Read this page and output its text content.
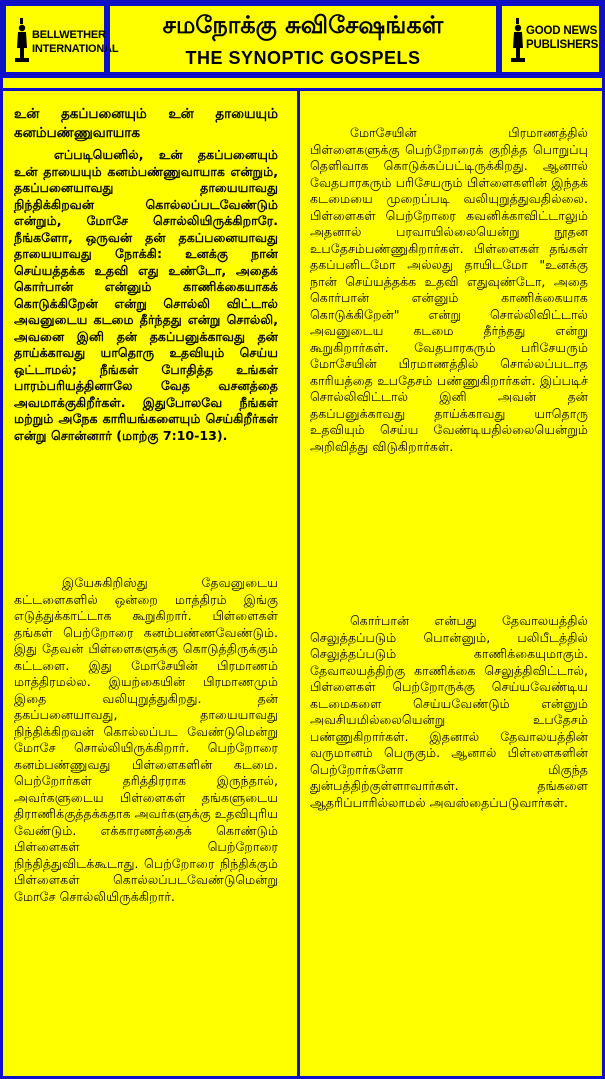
BELLWETHER
INTERNATIONAL
சமநோக்கு சுவிசேஷங்கள்
THE SYNOPTIC GOSPELS
GOOD NEWS
PUBLISHERS

உன் தகப்பனையும் உன் தாயையும் கனம்பண்ணுவாயாக

எப்படியெனில், உன் தகப்பனையும் உன் தாயையும் கனம்பண்ணுவாயாக என்றும், தகப்பனையாவது தாயையாவது நிந்திக்கிறவன் கொல்லப்படவேண்டும் என்றும், மோசே சொல்லியிருக்கிறாரே. நீங்களோ, ஒருவன் தன் தகப்பனையாவது தாயையாவது நோக்கி: உனக்கு நான் செய்யத்தக்க உதவி எது உண்டோ, அதைக் கொர்பான் என்னும் காணிக்கையாகக் கொடுக்கிறேன் என்று சொல்லி விட்டால் அவனுடைய கடமை தீர்ந்தது என்று சொல்லி, அவனை இனி தன் தகப்பனுக்காவது தன் தாய்க்காவது யாதொரு உதவியும் செய்ய ஒட்டாமல்; நீங்கள் போதித்த உங்கள் பாரம்பரியத்தினாலே வேத வசனத்தை அவமாக்குகிறீர்கள். இதுபோலவே நீங்கள் மற்றும் அநேக காரியங்களையும் செய்கிறீர்கள் என்று சொன்னார் (மாற்கு 7:10-13).

இயேசுகிறிஸ்து தேவனுடைய கட்டளைகளில் ஒன்றை மாத்திரம் இங்கு எடுத்துக்காட்டாக கூறுகிறார். பிள்ளைகள் தங்கள் பெற்றோரை கனம்பண்ணவேண்டும். இது தேவன் பிள்ளைகளுக்கு கொடுத்திருக்கும் கட்டளை. இது மோசேயின் பிரமாணம் மாத்திரமல்ல. இயற்கையின் பிரமாணமும் இதை வலியுறுத்துகிறது. தன் தகப்பனையாவது, தாயையாவது நிந்திக்கிறவன் கொல்லப்பட வேண்டுமென்று மோசே சொல்லியிருக்கிறார். பெற்றோரை கனம்பண்ணுவது பிள்ளைகளின் கடமை. பெற்றோர்கள் தரித்திரராக இருந்தால், அவர்களுடைய பிள்ளைகள் தங்களுடைய திராணிக்குத்தக்கதாக அவர்களுக்கு உதவிபுரிய வேண்டும். எக்காரணத்தைக் கொண்டும் பிள்ளைகள் பெற்றோரை நிந்தித்துவிடக்கூடாது. பெற்றோரை நிந்திக்கும் பிள்ளைகள் கொல்லப்படவேண்டுமென்று மோசே சொல்லியிருக்கிறார்.

மோசேயின் பிரமாணத்தில் பிள்ளைகளுக்கு பெற்றோரைக் குறித்த பொறுப்பு தெளிவாக கொடுக்கப்பட்டிருக்கிறது. ஆனால் வேதபாரகரும் பரிசேயரும் பிள்ளைகளின் இந்தக் கடமையை முறைப்படி வலியுறுத்துவதில்லை. பிள்ளைகள் பெற்றோரை கவனிக்காவிட்டாலும் அதனால் பரவாயில்லையென்று நூதன உபதேசம்பண்ணுகிறார்கள். பிள்ளைகள் தங்கள் தகப்பனிடமோ அல்லது தாயிடமோ "உனக்கு நான் செய்யத்தக்க உதவி எதுவுண்டோ, அதை கொர்பான் என்னும் காணிக்கையாக கொடுக்கிறேன்" என்று சொல்லிவிட்டால் அவனுடைய கடமை தீர்ந்தது என்று கூறுகிறார்கள். வேதபாரகரும் பரிசேயரும் மோசேயின் பிரமாணத்தில் சொல்லப்படாத காரியத்தை உபதேசம் பண்ணுகிறார்கள். இப்படிச் சொல்லிவிட்டால் இனி அவன் தன் தகப்பனுக்காவது தாய்க்காவது யாதொரு உதவியும் செய்ய வேண்டியதில்லையென்றும் அறிவித்து விடுகிறார்கள்.

கொர்பான் என்பது தேவாலயத்தில் செலுத்தப்படும் பொன்னும், பலிபீடத்தில் செலுத்தப்படும் காணிக்கையுமாகும். தேவாலயத்திற்கு காணிக்கை செலுத்திவிட்டால், பிள்ளைகள் பெற்றோருக்கு செய்யவேண்டிய கடமைகளை செய்யவேண்டும் என்னும் அவசியமில்லையென்று உபதேசம் பண்ணுகிறார்கள். இதனால் தேவாலயத்தின் வருமானம் பெருகும். ஆனால் பிள்ளைகளின் பெற்றோர்களோ மிகுந்த துன்பத்திற்குள்ளாவார்கள். தங்களை ஆதரிப்பாரில்லாமல் அவஸ்தைப்படுவார்கள்.
